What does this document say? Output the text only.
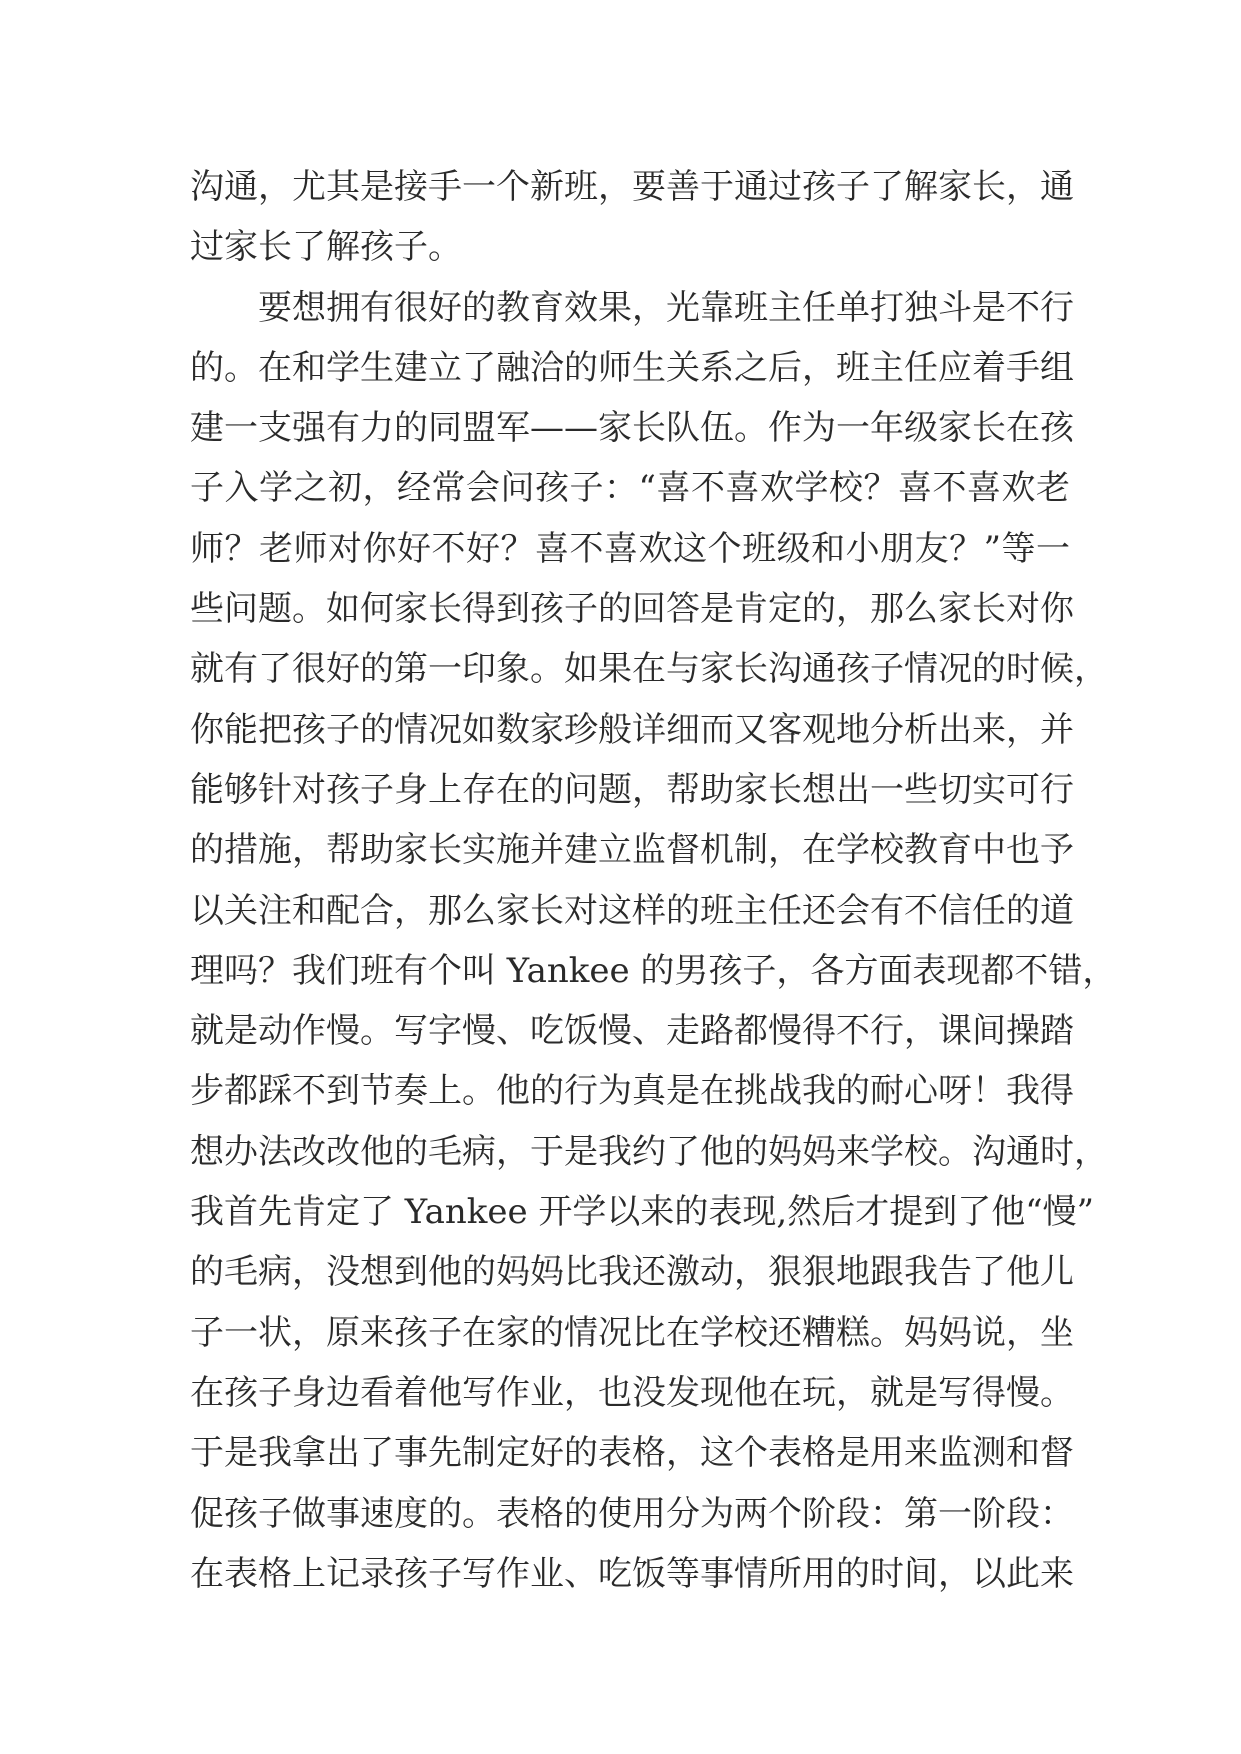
沟通，尤其是接手一个新班，要善于通过孩子了解家长，通
过家长了解孩子。
要想拥有很好的教育效果，光靠班主任单打独斗是不行
的。在和学生建立了融洽的师生关系之后，班主任应着手组
建一支强有力的同盟军——家长队伍。作为一年级家长在孩
子入学之初，经常会问孩子：“喜不喜欢学校？喜不喜欢老
师？老师对你好不好？喜不喜欢这个班级和小朋友？”等一
些问题。如何家长得到孩子的回答是肯定的，那么家长对你
就有了很好的第一印象。如果在与家长沟通孩子情况的时候，
你能把孩子的情况如数家珍般详细而又客观地分析出来，并
能够针对孩子身上存在的问题，帮助家长想出一些切实可行
的措施，帮助家长实施并建立监督机制，在学校教育中也予
以关注和配合，那么家长对这样的班主任还会有不信任的道
理吗？我们班有个叫 Yankee 的男孩子，各方面表现都不错，
就是动作慢。写字慢、吃饭慢、走路都慢得不行，课间操踏
步都踩不到节奏上。他的行为真是在挑战我的耐心呀！我得
想办法改改他的毛病，于是我约了他的妈妈来学校。沟通时，
我首先肯定了 Yankee 开学以来的表现,然后才提到了他“慢”
的毛病，没想到他的妈妈比我还激动，狠狠地跟我告了他儿
子一状，原来孩子在家的情况比在学校还糟糕。妈妈说，坐
在孩子身边看着他写作业，也没发现他在玩，就是写得慢。
于是我拿出了事先制定好的表格，这个表格是用来监测和督
促孩子做事速度的。表格的使用分为两个阶段：第一阶段：
在表格上记录孩子写作业、吃饭等事情所用的时间，以此来
